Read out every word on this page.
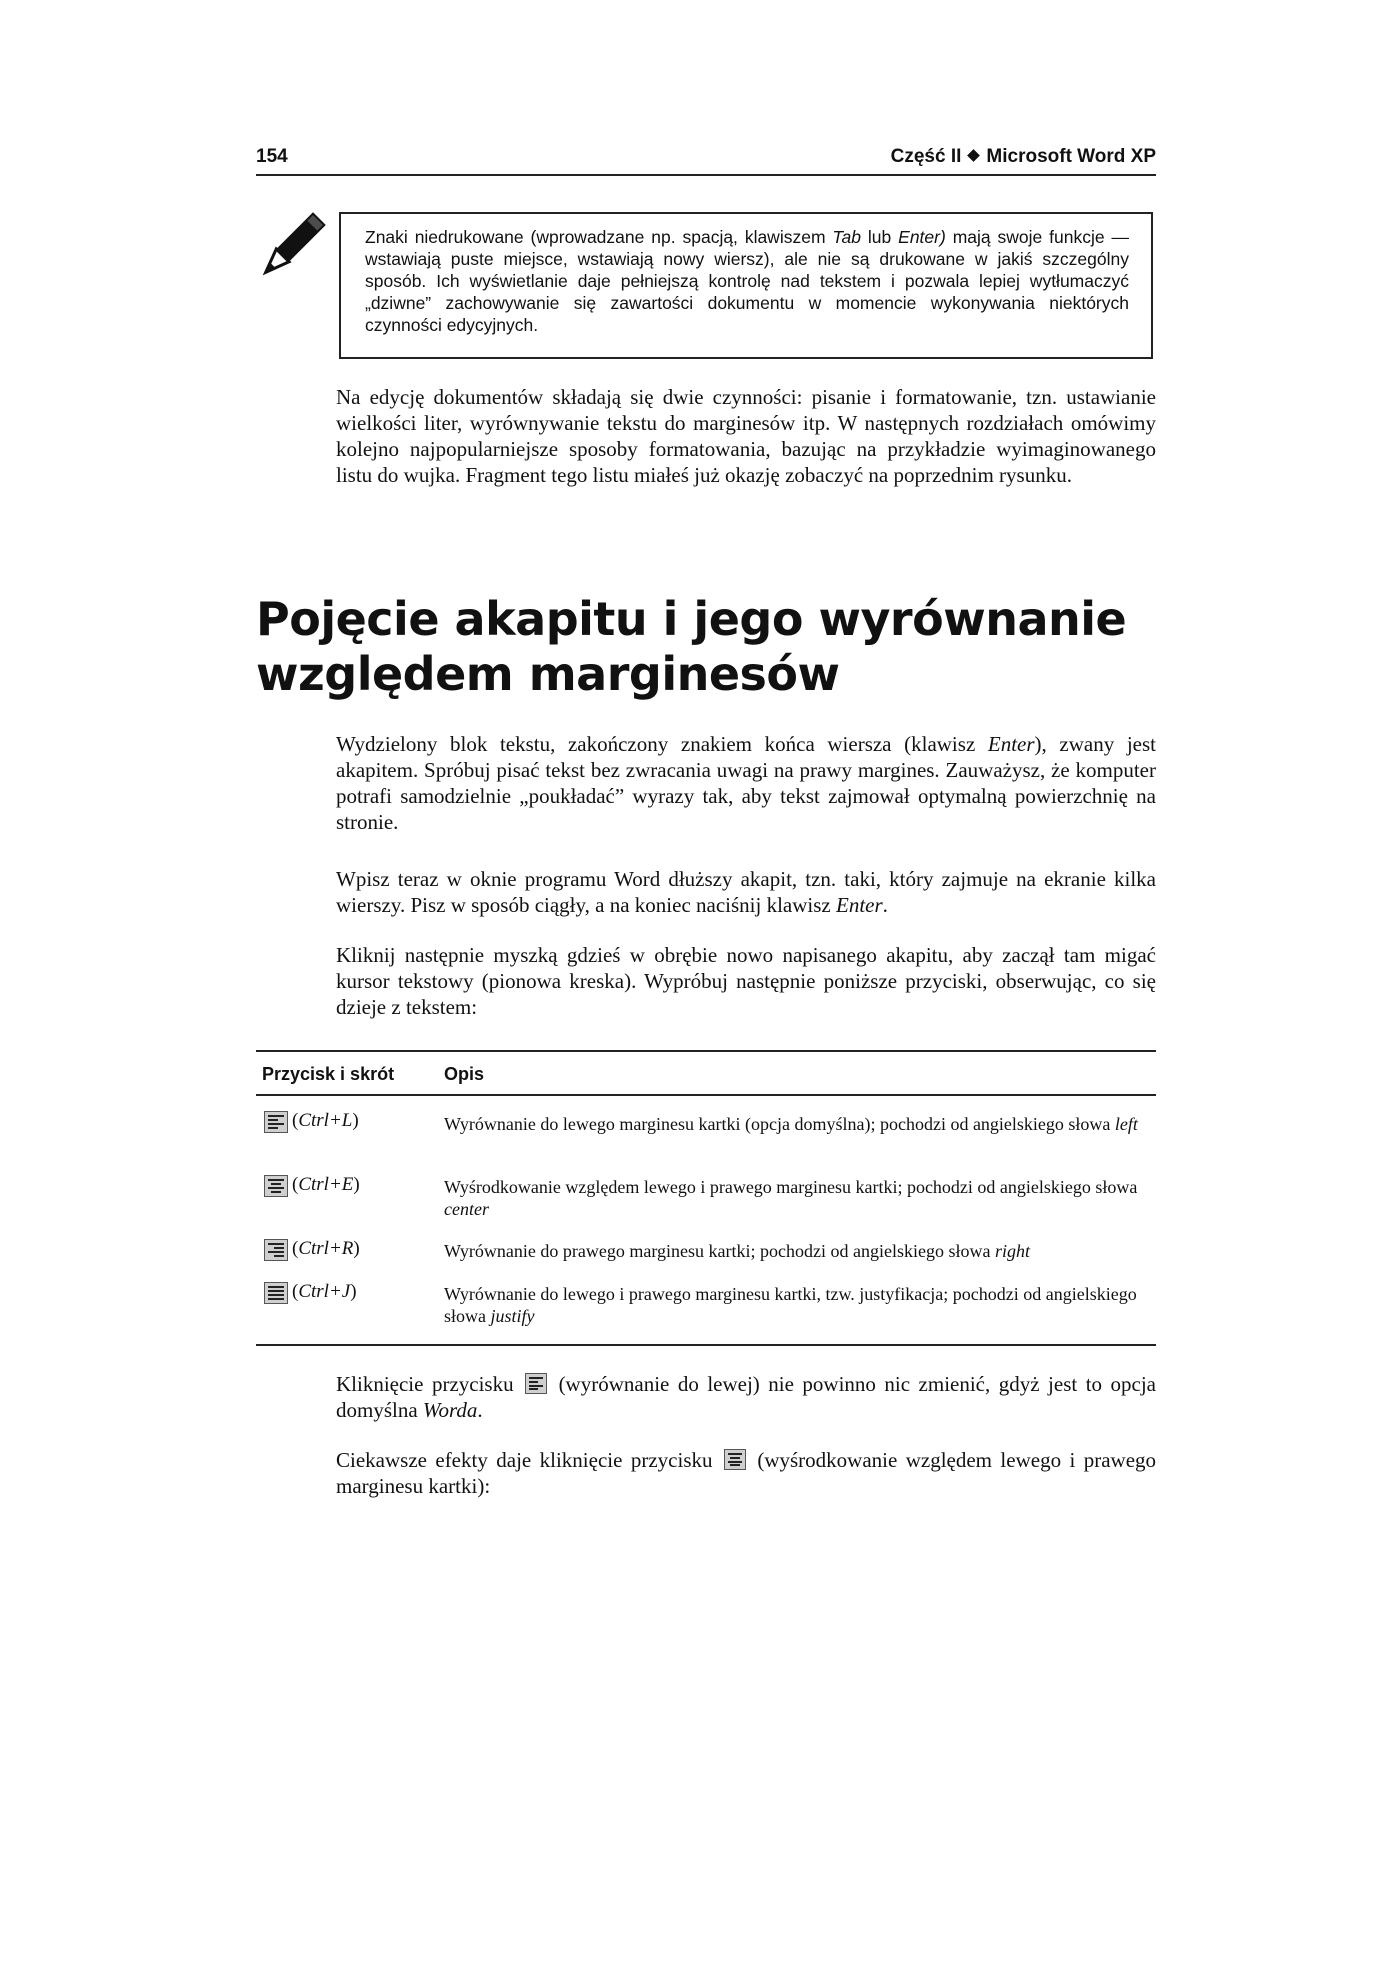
154	Część II Microsoft Word XP
Znaki niedrukowane (wprowadzane np. spacją, klawiszem Tab lub Enter) mają swoje funkcje — wstawiają puste miejsce, wstawiają nowy wiersz), ale nie są drukowane w jakiś szczególny sposób. Ich wyświetlanie daje pełniejszą kontrolę nad tekstem i pozwala lepiej wytłumaczyć „dziwne” zachowywanie się zawartości dokumentu w momencie wykonywania niektórych czynności edycyjnych.
Na edycję dokumentów składają się dwie czynności: pisanie i formatowanie, tzn. ustawianie wielkości liter, wyrównywanie tekstu do marginesów itp. W następnych rozdziałach omówimy kolejno najpopularniejsze sposoby formatowania, bazując na przykładzie wyimaginowanego listu do wujka. Fragment tego listu miałeś już okazję zobaczyć na poprzednim rysunku.
Pojęcie akapitu i jego wyrównanie
względem marginesów
Wydzielony blok tekstu, zakończony znakiem końca wiersza (klawisz Enter), zwany jest akapitem. Spróbuj pisać tekst bez zwracania uwagi na prawy margines. Zauważysz, że komputer potrafi samodzielnie „poukładać” wyrazy tak, aby tekst zajmował optymalną powierzchnię na stronie.
Wpisz teraz w oknie programu Word dłuższy akapit, tzn. taki, który zajmuje na ekranie kilka wierszy. Pisz w sposób ciągły, a na koniec naciśnij klawisz Enter.
Kliknij następnie myszką gdzieś w obrębie nowo napisanego akapitu, aby zaczął tam migać kursor tekstowy (pionowa kreska). Wypróbuj następnie poniższe przyciski, obserwując, co się dzieje z tekstem:
Przycisk i skrót	Opis
(Ctrl+L)	Wyrównanie do lewego marginesu kartki (opcja domyślna); pochodzi od angielskiego słowa left
(Ctrl+E)	Wyśrodkowanie względem lewego i prawego marginesu kartki; pochodzi od angielskiego słowa center
(Ctrl+R)	Wyrównanie do prawego marginesu kartki; pochodzi od angielskiego słowa right
(Ctrl+J)	Wyrównanie do lewego i prawego marginesu kartki, tzw. justyfikacja; pochodzi od angielskiego słowa justify
Kliknięcie przycisku (wyrównanie do lewej) nie powinno nic zmienić, gdyż jest to opcja domyślna Worda.
Ciekawsze efekty daje kliknięcie przycisku (wyśrodkowanie względem lewego i prawego marginesu kartki):
